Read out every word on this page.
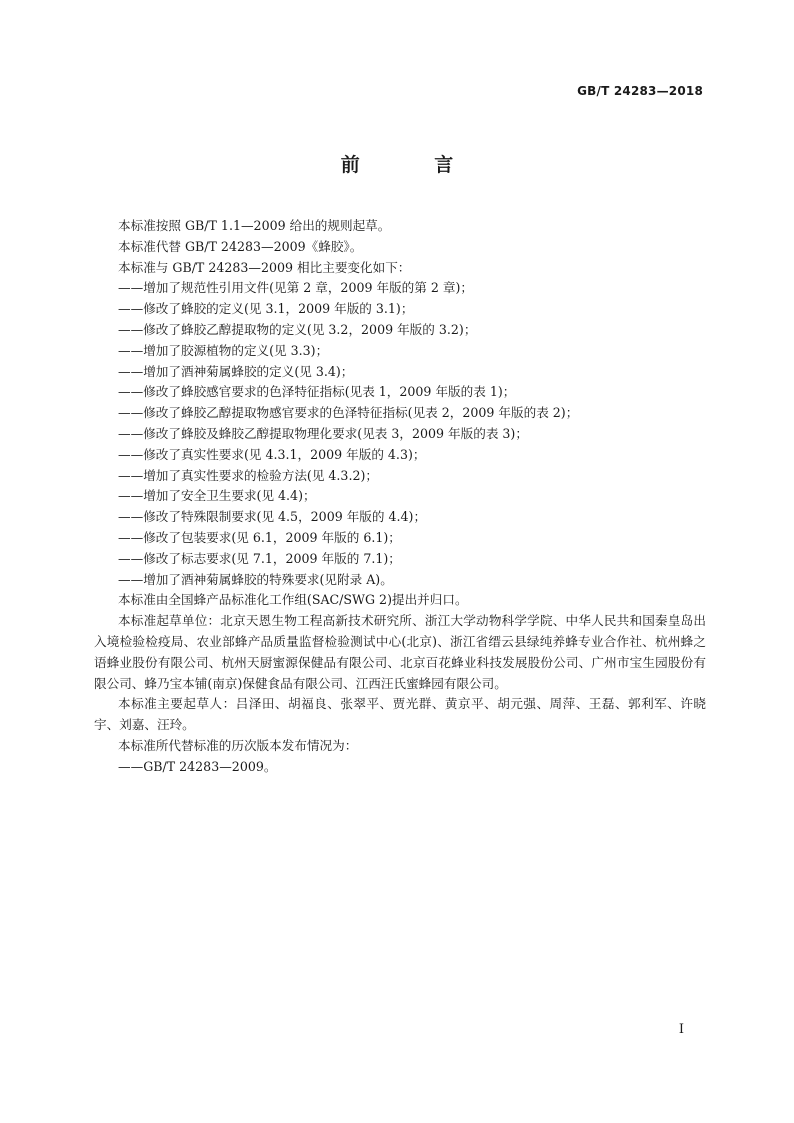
GB/T 24283—2018
前 言

本标准按照 GB/T 1.1—2009 给出的规则起草。

本标准代替 GB/T 24283—2009《蜂胶》。

本标准与 GB/T 24283—2009 相比主要变化如下：

——增加了规范性引用文件(见第 2 章，2009 年版的第 2 章)；

——修改了蜂胶的定义(见 3.1，2009 年版的 3.1)；

——修改了蜂胶乙醇提取物的定义(见 3.2，2009 年版的 3.2)；

——增加了胶源植物的定义(见 3.3)；

——增加了酒神菊属蜂胶的定义(见 3.4)；

——修改了蜂胶感官要求的色泽特征指标(见表 1，2009 年版的表 1)；

——修改了蜂胶乙醇提取物感官要求的色泽特征指标(见表 2，2009 年版的表 2)；

——修改了蜂胶及蜂胶乙醇提取物理化要求(见表 3，2009 年版的表 3)；

——修改了真实性要求(见 4.3.1，2009 年版的 4.3)；

——增加了真实性要求的检验方法(见 4.3.2)；

——增加了安全卫生要求(见 4.4)；

——修改了特殊限制要求(见 4.5，2009 年版的 4.4)；

——修改了包装要求(见 6.1，2009 年版的 6.1)；

——修改了标志要求(见 7.1，2009 年版的 7.1)；

——增加了酒神菊属蜂胶的特殊要求(见附录 A)。

本标准由全国蜂产品标准化工作组(SAC/SWG 2)提出并归口。

本标准起草单位：北京天恩生物工程高新技术研究所、浙江大学动物科学学院、中华人民共和国秦皇岛出入境检验检疫局、农业部蜂产品质量监督检验测试中心(北京)、浙江省缙云县绿纯养蜂专业合作社、杭州蜂之语蜂业股份有限公司、杭州天厨蜜源保健品有限公司、北京百花蜂业科技发展股份公司、广州市宝生园股份有限公司、蜂乃宝本铺(南京)保健食品有限公司、江西汪氏蜜蜂园有限公司。

本标准主要起草人：吕泽田、胡福良、张翠平、贾光群、黄京平、胡元强、周萍、王磊、郭利军、许晓宇、刘嘉、汪玲。

本标准所代替标准的历次版本发布情况为：

——GB/T 24283—2009。

I
